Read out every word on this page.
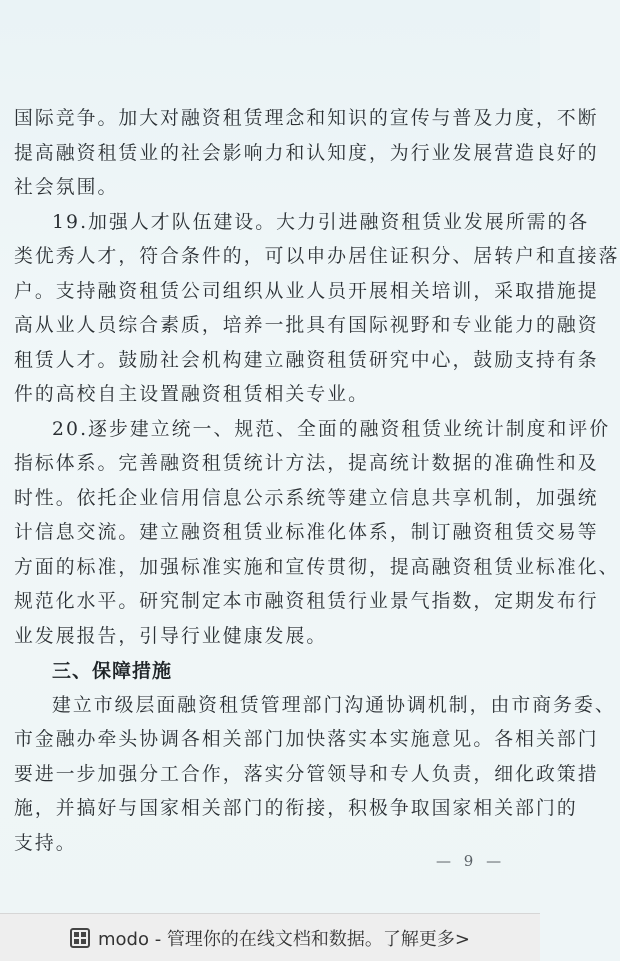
国际竞争。加大对融资租赁理念和知识的宣传与普及力度，不断
提高融资租赁业的社会影响力和认知度，为行业发展营造良好的
社会氛围。

19.加强人才队伍建设。大力引进融资租赁业发展所需的各
类优秀人才，符合条件的，可以申办居住证积分、居转户和直接落
户。支持融资租赁公司组织从业人员开展相关培训，采取措施提
高从业人员综合素质，培养一批具有国际视野和专业能力的融资
租赁人才。鼓励社会机构建立融资租赁研究中心，鼓励支持有条
件的高校自主设置融资租赁相关专业。

20.逐步建立统一、规范、全面的融资租赁业统计制度和评价
指标体系。完善融资租赁统计方法，提高统计数据的准确性和及
时性。依托企业信用信息公示系统等建立信息共享机制，加强统
计信息交流。建立融资租赁业标准化体系，制订融资租赁交易等
方面的标准，加强标准实施和宣传贯彻，提高融资租赁业标准化、
规范化水平。研究制定本市融资租赁行业景气指数，定期发布行
业发展报告，引导行业健康发展。

三、保障措施

建立市级层面融资租赁管理部门沟通协调机制，由市商务委、
市金融办牵头协调各相关部门加快落实本实施意见。各相关部门
要进一步加强分工合作，落实分管领导和专人负责，细化政策措
施，并搞好与国家相关部门的衔接，积极争取国家相关部门的
支持。

— 9 —
modo - 管理你的在线文档和数据。了解更多>
